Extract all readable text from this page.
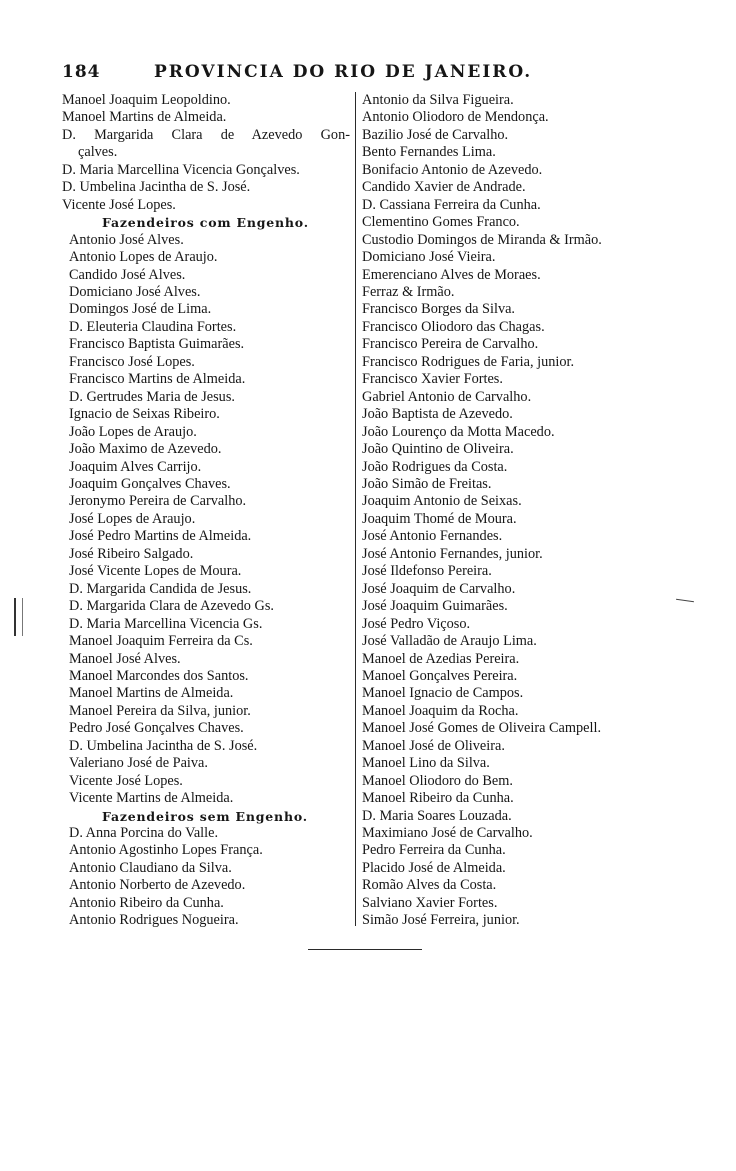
184	PROVINCIA DO RIO DE JANEIRO.
Manoel Joaquim Leopoldino.
Manoel Martins de Almeida.
D. Margarida Clara de Azevedo Gon-
çalves.
D. Maria Marcellina Vicencia Gonçalves.
D. Umbelina Jacintha de S. José.
Vicente José Lopes.
Fazendeiros com Engenho.
Antonio José Alves.
Antonio Lopes de Araujo.
Candido José Alves.
Domiciano José Alves.
Domingos José de Lima.
D. Eleuteria Claudina Fortes.
Francisco Baptista Guimarães.
Francisco José Lopes.
Francisco Martins de Almeida.
D. Gertrudes Maria de Jesus.
Ignacio de Seixas Ribeiro.
João Lopes de Araujo.
João Maximo de Azevedo.
Joaquim Alves Carrijo.
Joaquim Gonçalves Chaves.
Jeronymo Pereira de Carvalho.
José Lopes de Araujo.
José Pedro Martins de Almeida.
José Ribeiro Salgado.
José Vicente Lopes de Moura.
D. Margarida Candida de Jesus.
D. Margarida Clara de Azevedo Gs.
D. Maria Marcellina Vicencia Gs.
Manoel Joaquim Ferreira da Cs.
Manoel José Alves.
Manoel Marcondes dos Santos.
Manoel Martins de Almeida.
Manoel Pereira da Silva, junior.
Pedro José Gonçalves Chaves.
D. Umbelina Jacintha de S. José.
Valeriano José de Paiva.
Vicente José Lopes.
Vicente Martins de Almeida.
Fazendeiros sem Engenho.
D. Anna Porcina do Valle.
Antonio Agostinho Lopes França.
Antonio Claudiano da Silva.
Antonio Norberto de Azevedo.
Antonio Ribeiro da Cunha.
Antonio Rodrigues Nogueira.
Antonio da Silva Figueira.
Antonio Oliodoro de Mendonça.
Bazilio José de Carvalho.
Bento Fernandes Lima.
Bonifacio Antonio de Azevedo.
Candido Xavier de Andrade.
D. Cassiana Ferreira da Cunha.
Clementino Gomes Franco.
Custodio Domingos de Miranda & Irmão.
Domiciano José Vieira.
Emerenciano Alves de Moraes.
Ferraz & Irmão.
Francisco Borges da Silva.
Francisco Oliodoro das Chagas.
Francisco Pereira de Carvalho.
Francisco Rodrigues de Faria, junior.
Francisco Xavier Fortes.
Gabriel Antonio de Carvalho.
João Baptista de Azevedo.
João Lourenço da Motta Macedo.
João Quintino de Oliveira.
João Rodrigues da Costa.
João Simão de Freitas.
Joaquim Antonio de Seixas.
Joaquim Thomé de Moura.
José Antonio Fernandes.
José Antonio Fernandes, junior.
José Ildefonso Pereira.
José Joaquim de Carvalho.
José Joaquim Guimarães.
José Pedro Viçoso.
José Valladão de Araujo Lima.
Manoel de Azedias Pereira.
Manoel Gonçalves Pereira.
Manoel Ignacio de Campos.
Manoel Joaquim da Rocha.
Manoel José Gomes de Oliveira Campell.
Manoel José de Oliveira.
Manoel Lino da Silva.
Manoel Oliodoro do Bem.
Manoel Ribeiro da Cunha.
D. Maria Soares Louzada.
Maximiano José de Carvalho.
Pedro Ferreira da Cunha.
Placido José de Almeida.
Romão Alves da Costa.
Salviano Xavier Fortes.
Simão José Ferreira, junior.
